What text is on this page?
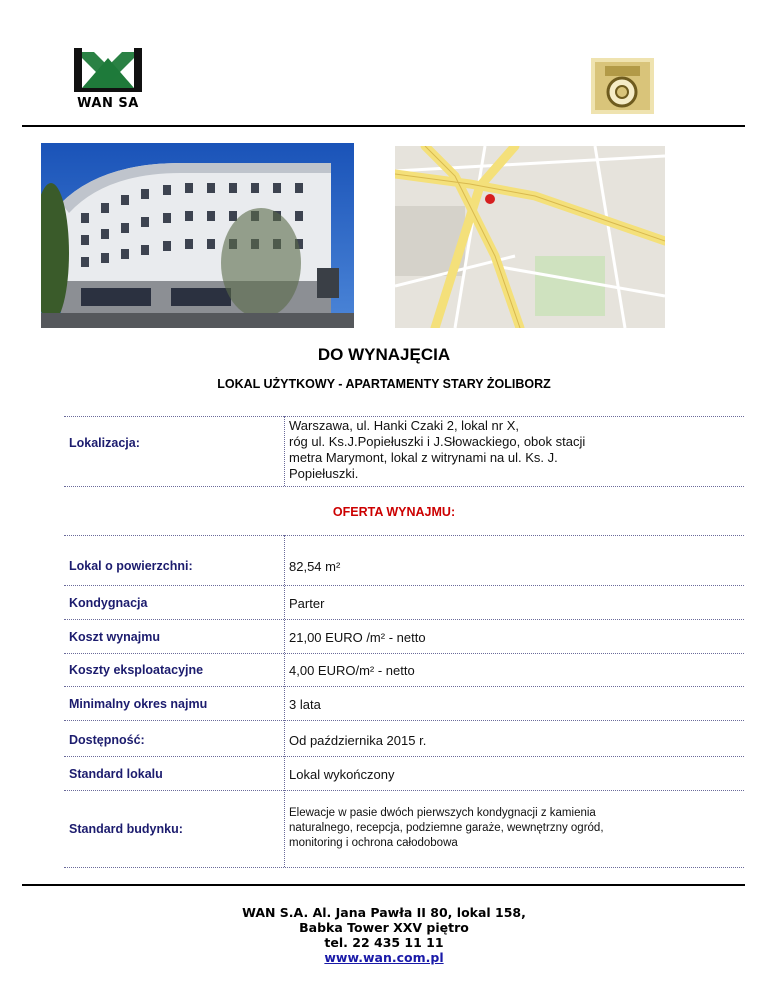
WAN SA
DO WYNAJĘCIA
LOKAL UŻYTKOWY - APARTAMENTY STARY ŻOLIBORZ
Lokalizacja:
Warszawa, ul. Hanki Czaki 2, lokal nr X,
róg ul. Ks.J.Popiełuszki i J.Słowackiego, obok stacji
metra Marymont, lokal z witrynami na ul. Ks. J.
Popiełuszki.
OFERTA WYNAJMU:
Lokal o powierzchni:	82,54 m²
Kondygnacja	Parter
Koszt wynajmu	21,00 EURO /m² - netto
Koszty eksploatacyjne	4,00 EURO/m² - netto
Minimalny okres najmu	3 lata
Dostępność:	Od października 2015 r.
Standard lokalu	Lokal wykończony
Standard budynku:
Elewacje w pasie dwóch pierwszych kondygnacji z kamienia
naturalnego, recepcja, podziemne garaże, wewnętrzny ogród,
monitoring i ochrona całodobowa
WAN S.A. Al. Jana Pawła II 80, lokal 158,
Babka Tower XXV piętro
tel. 22 435 11 11
www.wan.com.pl
